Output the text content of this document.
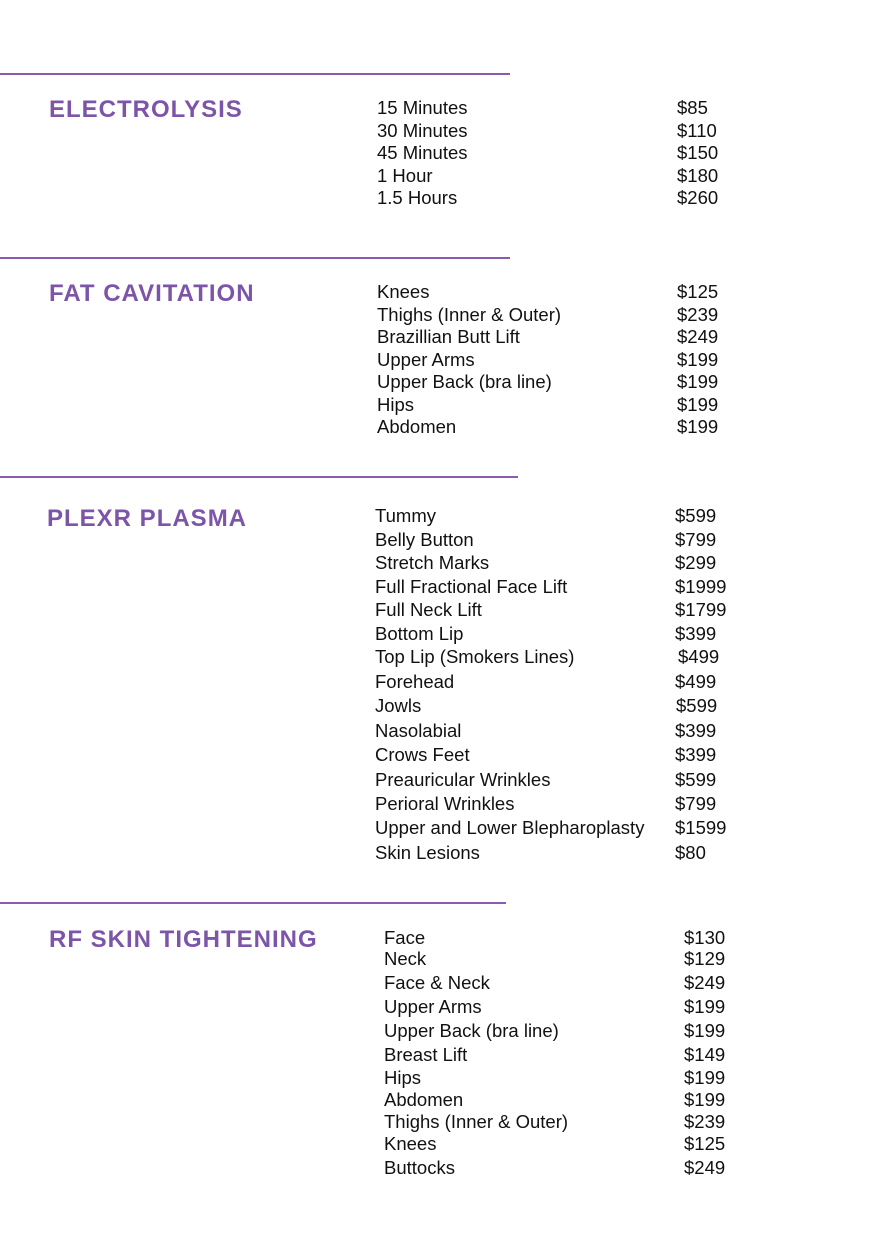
ELECTROLYSIS	15 Minutes	$85
30 Minutes	$110
45 Minutes	$150
1 Hour	$180
1.5 Hours	$260
FAT CAVITATION	Knees	$125
Thighs (Inner & Outer)	$239
Brazillian Butt Lift	$249
Upper Arms	$199
Upper Back (bra line)	$199
Hips	$199
Abdomen	$199
PLEXR PLASMA	Tummy	$599
Belly Button	$799
Stretch Marks	$299
Full Fractional Face Lift	$1999
Full Neck Lift	$1799
Bottom Lip	$399
Top Lip (Smokers Lines)	$499
Forehead	$499
Jowls	$599
Nasolabial	$399
Crows Feet	$399
Preauricular Wrinkles	$599
Perioral Wrinkles	$799
Upper and Lower Blepharoplasty $1599
Skin Lesions	$80
RF SKIN TIGHTENING	Face	$130
Neck	$129
Face & Neck	$249
Upper Arms	$199
Upper Back (bra line)	$199
Breast Lift	$149
Hips	$199
Abdomen	$199
Thighs (Inner & Outer)	$239
Knees	$125
Buttocks	$249
